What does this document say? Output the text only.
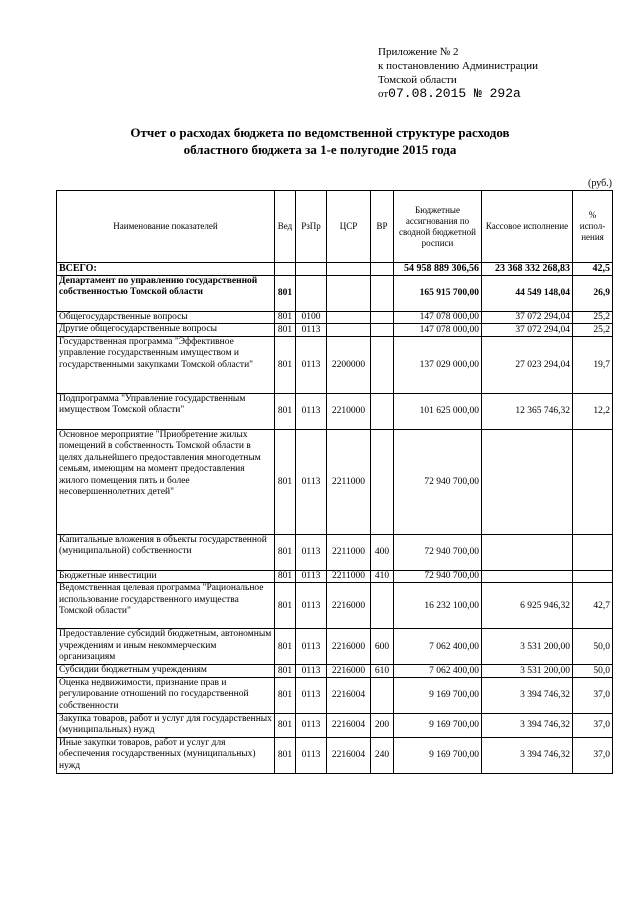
Приложение № 2
к постановлению Администрации
Томской области
от07.08.2015 № 292а
Отчет о расходах бюджета по ведомственной структуре расходов
областного бюджета за 1-е полугодие 2015 года
(руб.)
Наименование показателей	Вед	РзПр	ЦСР	ВР	Бюджетные ассигнования по сводной бюджетной росписи	Кассовое исполнение	% испол-нения
ВСЕГО:					54 958 889 306,56	23 368 332 268,83	42,5
Департамент по управлению государственной собственностью Томской области	801				165 915 700,00	44 549 148,04	26,9
Общегосударственные вопросы	801	0100			147 078 000,00	37 072 294,04	25,2
Другие общегосударственные вопросы	801	0113			147 078 000,00	37 072 294,04	25,2
Государственная программа "Эффективное управление государственным имуществом и государственными закупками Томской области"	801	0113	2200000		137 029 000,00	27 023 294,04	19,7
Подпрограмма "Управление государственным имуществом Томской области"	801	0113	2210000		101 625 000,00	12 365 746,32	12,2
Основное мероприятие "Приобретение жилых помещений в собственность Томской области в целях дальнейшего предоставления многодетным семьям, имеющим на момент предоставления жилого помещения пять и более несовершеннолетних детей"	801	0113	2211000		72 940 700,00		
Капитальные вложения в объекты государственной (муниципальной) собственности	801	0113	2211000	400	72 940 700,00		
Бюджетные инвестиции	801	0113	2211000	410	72 940 700,00		
Ведомственная целевая программа "Рациональное использование государственного имущества Томской области"	801	0113	2216000		16 232 100,00	6 925 946,32	42,7
Предоставление субсидий бюджетным, автономным учреждениям и иным некоммерческим организациям	801	0113	2216000	600	7 062 400,00	3 531 200,00	50,0
Субсидии бюджетным учреждениям	801	0113	2216000	610	7 062 400,00	3 531 200,00	50,0
Оценка недвижимости, признание прав и регулирование отношений по государственной собственности	801	0113	2216004		9 169 700,00	3 394 746,32	37,0
Закупка товаров, работ и услуг для государственных (муниципальных) нужд	801	0113	2216004	200	9 169 700,00	3 394 746,32	37,0
Иные закупки товаров, работ и услуг для обеспечения государственных (муниципальных) нужд	801	0113	2216004	240	9 169 700,00	3 394 746,32	37,0
